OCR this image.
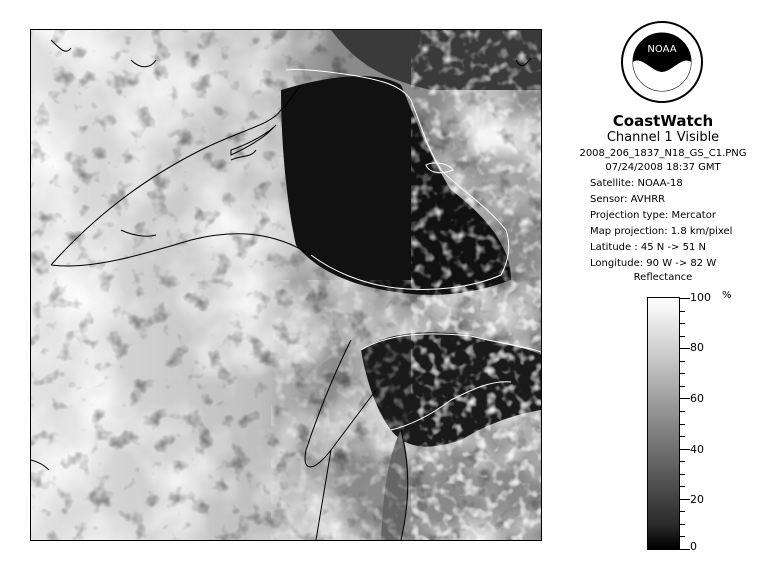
NOAA
CoastWatch
Channel 1 Visible
2008_206_1837_N18_GS_C1.PNG
07/24/2008 18:37 GMT
Satellite: NOAA-18
Sensor: AVHRR
Projection type: Mercator
Map projection: 1.8 km/pixel
Latitude : 45 N -> 51 N
Longitude: 90 W -> 82 W
Reflectance
%
100
80
60
40
20
0
